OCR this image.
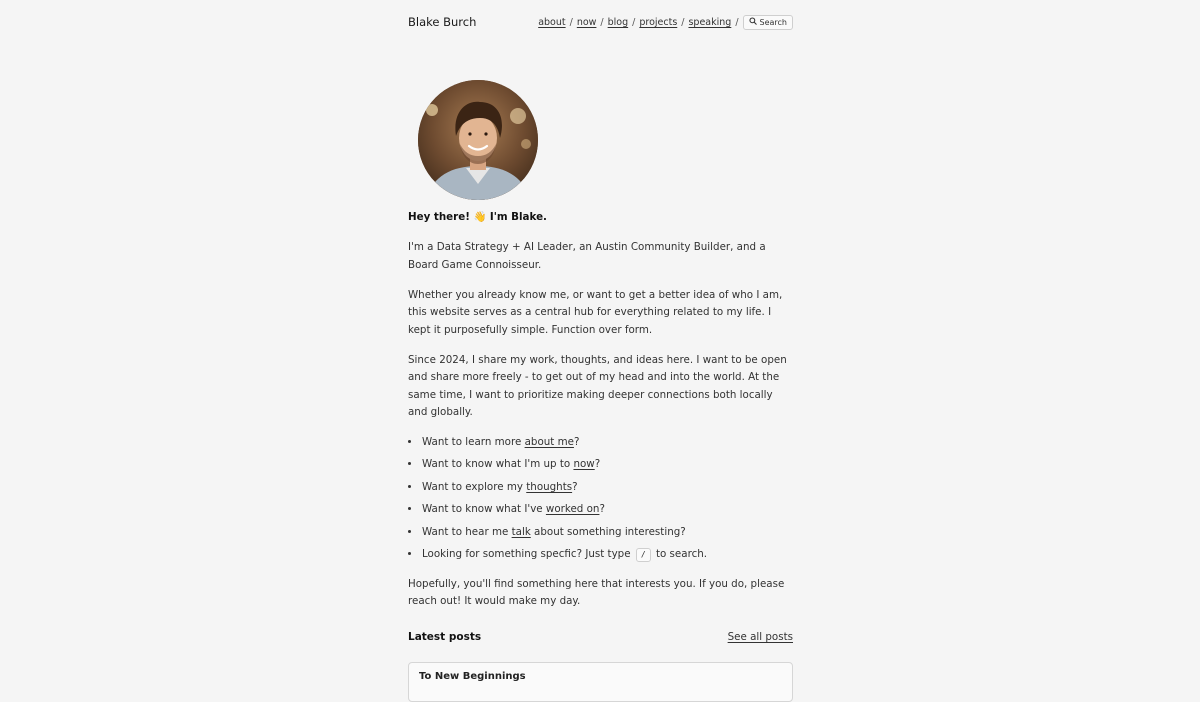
Blake Burch	about / now / blog / projects / speaking /	Search

Hey there! 👋 I'm Blake.

I'm a Data Strategy + AI Leader, an Austin Community Builder, and a Board Game Connoisseur.

Whether you already know me, or want to get a better idea of who I am, this website serves as a central hub for everything related to my life. I kept it purposefully simple. Function over form.

Since 2024, I share my work, thoughts, and ideas here. I want to be open and share more freely - to get out of my head and into the world. At the same time, I want to prioritize making deeper connections both locally and globally.

• Want to learn more about me?
• Want to know what I'm up to now?
• Want to explore my thoughts?
• Want to know what I've worked on?
• Want to hear me talk about something interesting?
• Looking for something specfic? Just type / to search.

Hopefully, you'll find something here that interests you. If you do, please reach out! It would make my day.

Latest posts	See all posts
To New Beginnings
